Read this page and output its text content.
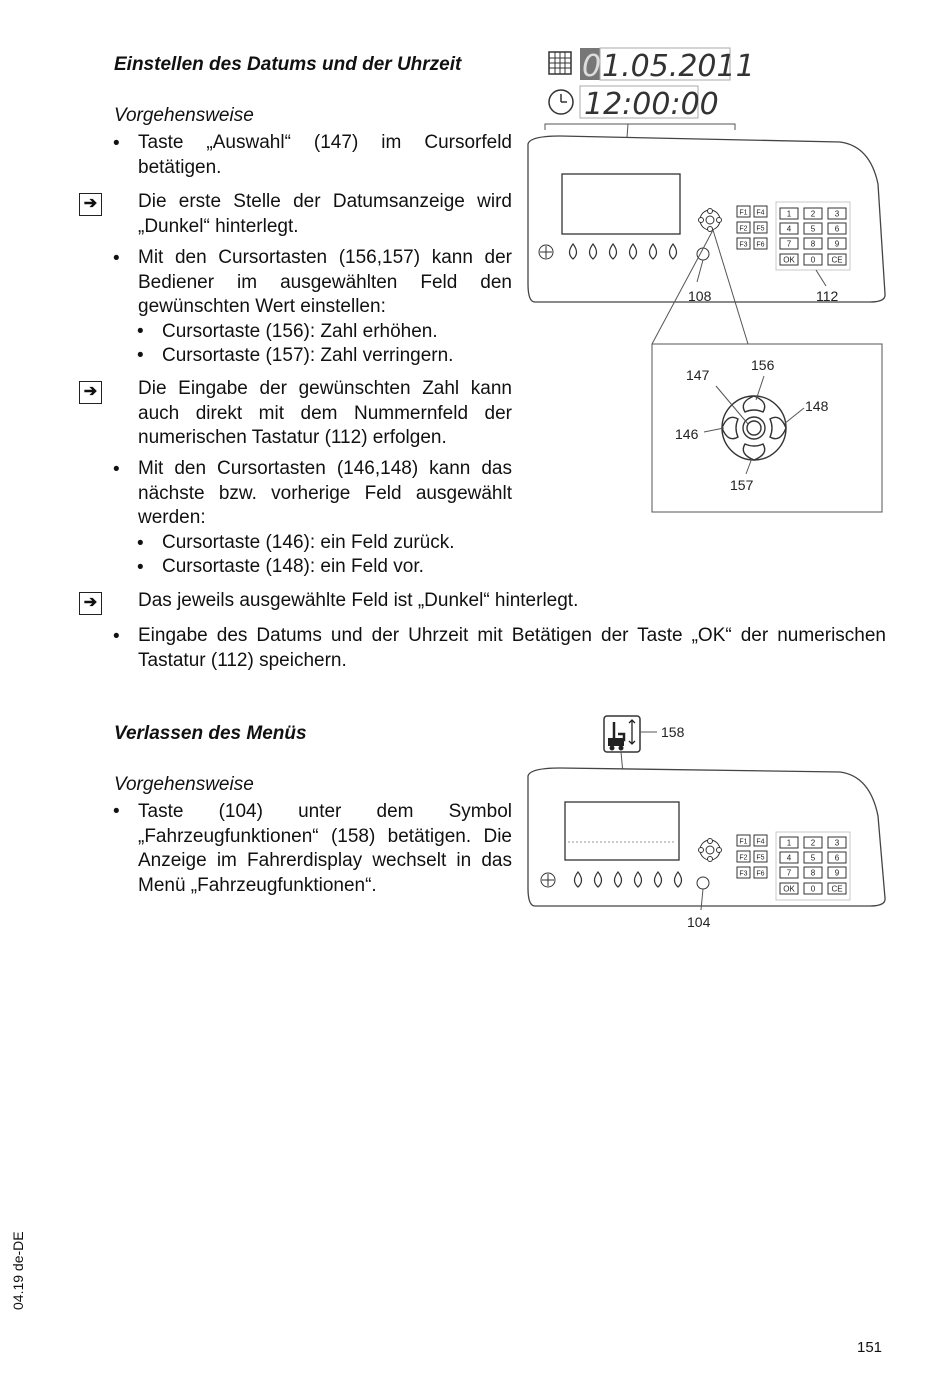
Einstellen des Datums und der Uhrzeit
Vorgehensweise
• Taste „Auswahl“ (147) im Cursorfeld betätigen.
➔ Die erste Stelle der Datumsanzeige wird „Dunkel“ hinterlegt.
• Mit den Cursortasten (156,157) kann der Bediener im ausgewählten Feld den gewünschten Wert einstellen:
• Cursortaste (156): Zahl erhöhen.
• Cursortaste (157): Zahl verringern.
➔ Die Eingabe der gewünschten Zahl kann auch direkt mit dem Nummernfeld der numerischen Tastatur (112) erfolgen.
• Mit den Cursortasten (146,148) kann das nächste bzw. vorherige Feld ausgewählt werden:
• Cursortaste (146): ein Feld zurück.
• Cursortaste (148): ein Feld vor.
➔ Das jeweils ausgewählte Feld ist „Dunkel“ hinterlegt.
• Eingabe des Datums und der Uhrzeit mit Betätigen der Taste „OK“ der numerischen Tastatur (112) speichern.
0 1.05.2011
12:00:00
F1 F4
F2 F5
F3 F6
1 2 3
4 5 6
7 8 9
OK 0 CE
108	112
147
156
148
146
157
Verlassen des Menüs
Vorgehensweise
• Taste (104) unter dem Symbol „Fahrzeugfunktionen“ (158) betätigen. Die Anzeige im Fahrerdisplay wechselt in das Menü „Fahrzeugfunktionen“.
158
F1 F4
F2 F5
F3 F6
1 2 3
4 5 6
7 8 9
OK 0 CE
104
04.19 de-DE
151
